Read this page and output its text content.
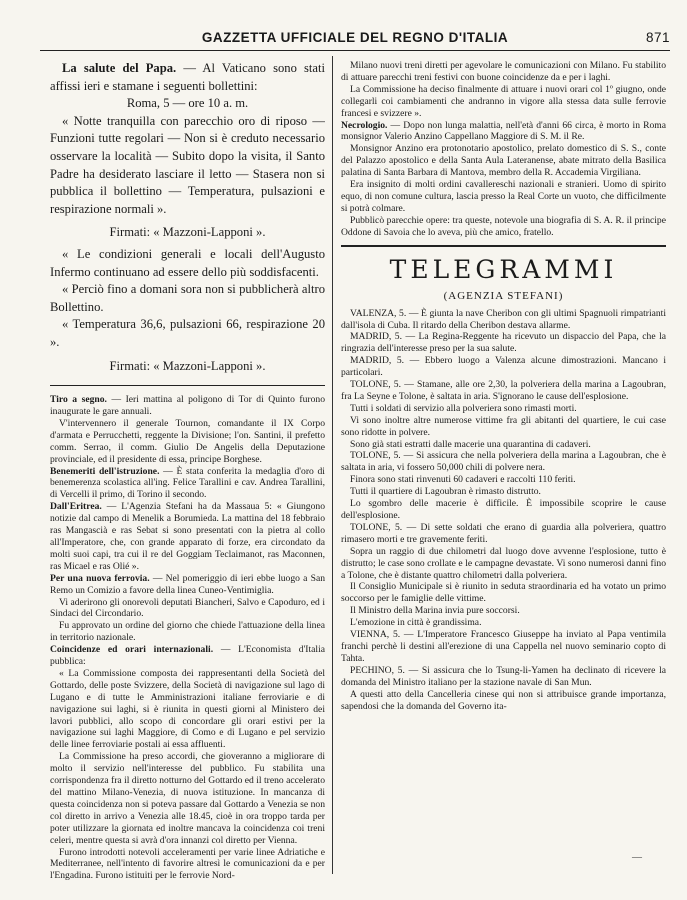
GAZZETTA UFFICIALE DEL REGNO D'ITALIA	871

La salute del Papa. — Al Vaticano sono stati affissi ieri e stamane i seguenti bollettini:

Roma, 5 — ore 10 a. m.

« Notte tranquilla con parecchio oro di riposo — Funzioni tutte regolari — Non si è creduto necessario osservare la località — Subito dopo la visita, il Santo Padre ha desiderato lasciare il letto — Stasera non si pubblica il bollettino — Temperatura, pulsazioni e respirazione normali ».

Firmati: « Mazzoni-Lapponi ».

« Le condizioni generali e locali dell'Augusto Infermo continuano ad essere dello più soddisfacenti.

« Perciò fino a domani sora non si pubblicherà altro Bollettino.

« Temperatura 36,6, pulsazioni 66, respirazione 20 ».

Firmati: « Mazzoni-Lapponi ».

Tiro a segno. — Ieri mattina al poligono di Tor di Quinto furono inaugurate le gare annuali.

V'intervennero il generale Tournon, comandante il IX Corpo d'armata e Perrucchetti, reggente la Divisione; l'on. Santini, il prefetto comm. Serrao, il comm. Giulio De Angelis della Deputazione provinciale, ed il presidente di essa, principe Borghese.

Benemeriti dell'istruzione. — È stata conferita la medaglia d'oro di benemerenza scolastica all'ing. Felice Tarallini e cav. Andrea Tarallini, di Vercelli il primo, di Torino il secondo.

Dall'Eritrea. — L'Agenzia Stefani ha da Massaua 5: « Giungono notizie dal campo di Menelik a Borumieda. La mattina del 18 febbraio ras Mangascià e ras Sebat si sono presentati con la pietra al collo all'Imperatore, che, con grande apparato di forze, era circondato da molti suoi capi, tra cui il re del Goggiam Teclaimanot, ras Maconnen, ras Micael e ras Olié ».

Per una nuova ferrovia. — Nel pomeriggio di ieri ebbe luogo a San Remo un Comizio a favore della linea Cuneo-Ventimiglia.

Vi aderirono gli onorevoli deputati Biancheri, Salvo e Capoduro, ed i Sindaci del Circondario.

Fu approvato un ordine del giorno che chiede l'attuazione della linea in territorio nazionale.

Coincidenze ed orari internazionali. — L'Economista d'Italia pubblica:

« La Commissione composta dei rappresentanti della Società del Gottardo, delle poste Svizzere, della Società di navigazione sul lago di Lugano e di tutte le Amministrazioni italiane ferroviarie e di navigazione sui laghi, si è riunita in questi giorni al Ministero dei lavori pubblici, allo scopo di concordare gli orari estivi per la navigazione sui laghi Maggiore, di Como e di Lugano e pel servizio delle linee ferroviarie postali ai essa affluenti.

La Commissione ha preso accordi, che gioveranno a migliorare di molto il servizio nell'interesse del pubblico. Fu stabilita una corrispondenza fra il diretto notturno del Gottardo ed il treno accelerato del mattino Milano-Venezia, di nuova istituzione. In mancanza di questa coincidenza non si poteva passare dal Gottardo a Venezia se non col diretto in arrivo a Venezia alle 18.45, cioè in ora troppo tarda per poter utilizzare la giornata ed inoltre mancava la coincidenza coi treni celeri, mentre questa si avrà d'ora innanzi col diretto per Vienna.

Furono introdotti notevoli acceleramenti per varie linee Adriatiche e Mediterranee, nell'intento di favorire altresì le comunicazioni da e per l'Engadina. Furono istituiti per le ferrovie Nord-

Milano nuovi treni diretti per agevolare le comunicazioni con Milano. Fu stabilito di attuare parecchi treni festivi con buone coincidenze da e per i laghi.

La Commissione ha deciso finalmente di attuare i nuovi orari col 1º giugno, onde collegarli coi cambiamenti che andranno in vigore alla stessa data sulle ferrovie francesi e svizzere ».

Necrologio. — Dopo non lunga malattia, nell'età d'anni 66 circa, è morto in Roma monsignor Valerio Anzino Cappellano Maggiore di S. M. il Re.

Monsignor Anzino era protonotario apostolico, prelato domestico di S. S., conte del Palazzo apostolico e della Santa Aula Lateranense, abate mitrato della Basilica palatina di Santa Barbara di Mantova, membro della R. Accademia Virgiliana.

Era insignito di molti ordini cavallereschi nazionali e stranieri. Uomo di spirito equo, di non comune cultura, lascia presso la Real Corte un vuoto, che difficilmente si potrà colmare.

Pubblicò parecchie opere: tra queste, notevole una biografia di S. A. R. il principe Oddone di Savoia che lo aveva, più che amico, fratello.

TELEGRAMMI
(AGENZIA STEFANI)

VALENZA, 5. — È giunta la nave Cheribon con gli ultimi Spagnuoli rimpatrianti dall'isola di Cuba. Il ritardo della Cheribon destava allarme.

MADRID, 5. — La Regina-Reggente ha ricevuto un dispaccio del Papa, che la ringrazia dell'interesse preso per la sua salute.

MADRID, 5. — Ebbero luogo a Valenza alcune dimostrazioni. Mancano i particolari.

TOLONE, 5. — Stamane, alle ore 2,30, la polveriera della marina a Lagoubran, fra La Seyne e Tolone, è saltata in aria. S'ignorano le cause dell'esplosione.

Tutti i soldati di servizio alla polveriera sono rimasti morti.

Vi sono inoltre altre numerose vittime fra gli abitanti del quartiere, le cui case sono ridotte in polvere.

Sono già stati estratti dalle macerie una quarantina di cadaveri.

TOLONE, 5. — Si assicura che nella polveriera della marina a Lagoubran, che è saltata in aria, vi fossero 50,000 chili di polvere nera.

Finora sono stati rinvenuti 60 cadaveri e raccolti 110 feriti.

Tutti il quartiere di Lagoubran è rimasto distrutto.

Lo sgombro delle macerie è difficile. È impossibile scoprire le cause dell'esplosione.

TOLONE, 5. — Di sette soldati che erano di guardia alla polveriera, quattro rimasero morti e tre gravemente feriti.

Sopra un raggio di due chilometri dal luogo dove avvenne l'esplosione, tutto è distrutto; le case sono crollate e le campagne devastate. Vi sono numerosi danni fino a Tolone, che è distante quattro chilometri dalla polveriera.

Il Consiglio Municipale si è riunito in seduta straordinaria ed ha votato un primo soccorso per le famiglie delle vittime.

Il Ministro della Marina invia pure soccorsi.

L'emozione in città è grandissima.

VIENNA, 5. — L'Imperatore Francesco Giuseppe ha inviato al Papa ventimila franchi perchè li destini all'erezione di una Cappella nel nuovo seminario copto di Tahta.

PECHINO, 5. — Si assicura che lo Tsung-li-Yamen ha declinato di ricevere la domanda del Ministro italiano per la stazione navale di San Mun.

A questi atto della Cancelleria cinese qui non si attribuisce grande importanza, sapendosi che la domanda del Governo ita-

—
